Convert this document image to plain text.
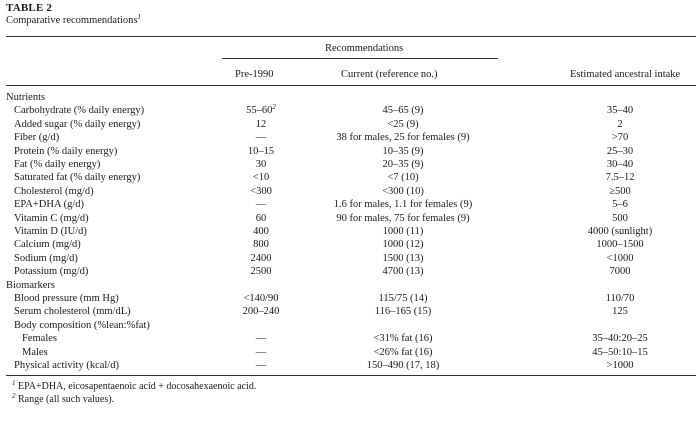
TABLE 2
Comparative recommendations$^1$
Recommendations
Pre-1990	Current (reference no.)	Estimated ancestral intake
Nutrients
Carbohydrate (% daily energy)	$55-60^2$	45–65 (9)	35–40
Added sugar (% daily energy)	12	<25 (9)	2
Fiber (g/d)	—	38 for males, 25 for females (9)	>70
Protein (% daily energy)	10–15	10–35 (9)	25–30
Fat (% daily energy)	30	20–35 (9)	30–40
Saturated fat (% daily energy)	<10	<7 (10)	7.5–12
Cholesterol (mg/d)	<300	<300 (10)	≥500
EPA+DHA (g/d)	—	1.6 for males, 1.1 for females (9)	5–6
Vitamin C (mg/d)	60	90 for males, 75 for females (9)	500
Vitamin D (IU/d)	400	1000 (11)	4000 (sunlight)
Calcium (mg/d)	800	1000 (12)	1000–1500
Sodium (mg/d)	2400	1500 (13)	<1000
Potassium (mg/d)	2500	4700 (13)	7000
Biomarkers
Blood pressure (mm Hg)	<140/90	115/75 (14)	110/70
Serum cholesterol (mm/dL)	200–240	116–165 (15)	125
Body composition (%lean:%fat)
Females	—	<31% fat (16)	35–40:20–25
Males	—	<26% fat (16)	45–50:10–15
Physical activity (kcal/d)	—	150–490 (17, 18)	>1000
$^1$ EPA+DHA, eicosapentaenoic acid + docosahexaenoic acid.
$^2$ Range (all such values).
